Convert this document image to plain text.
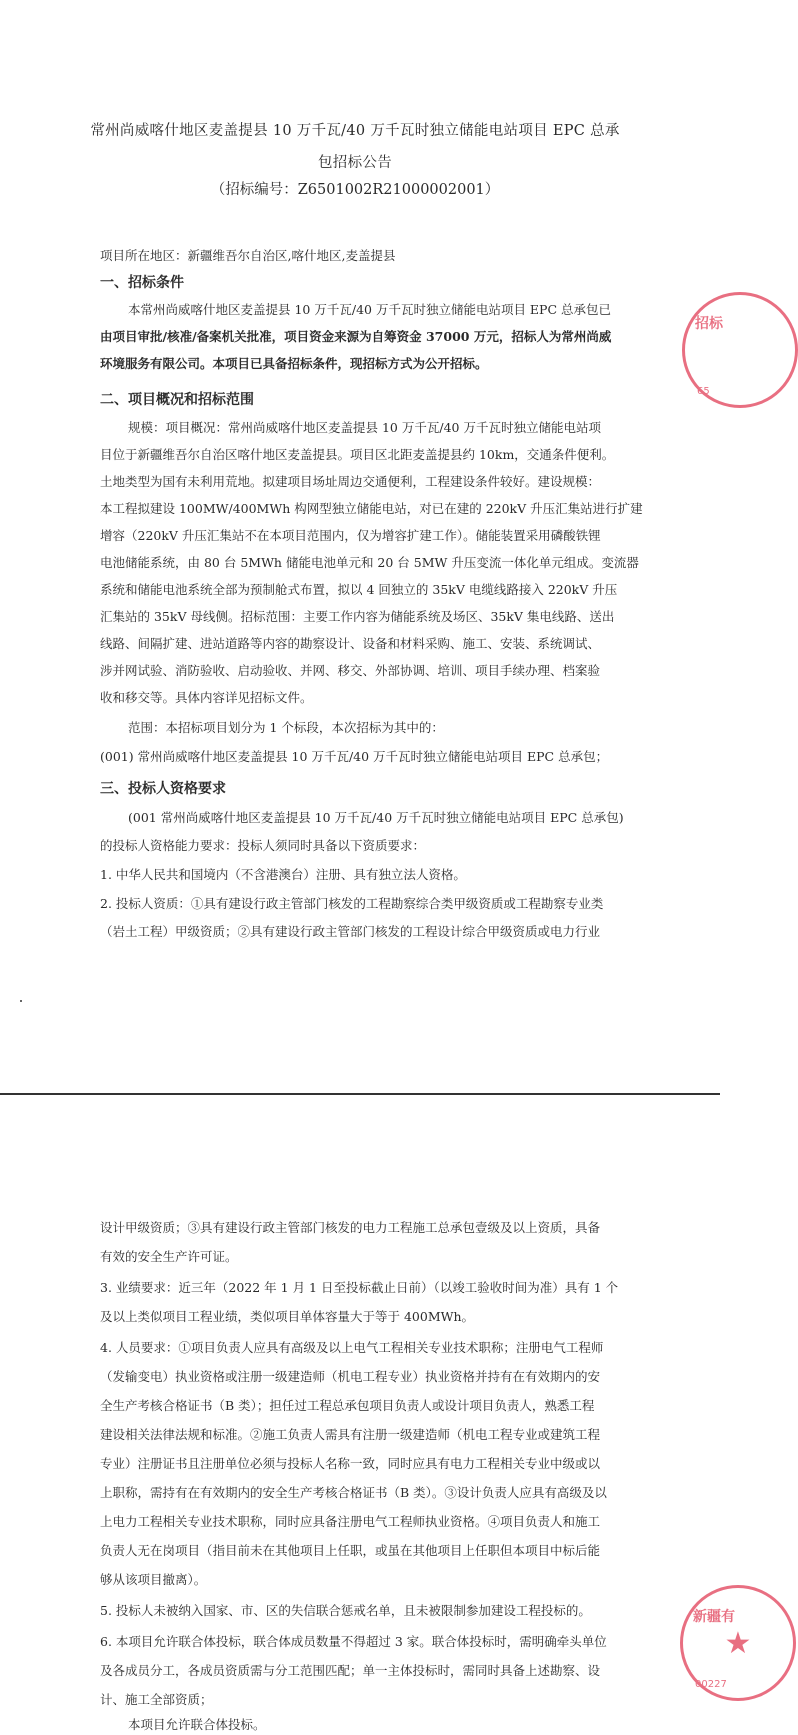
常州尚威喀什地区麦盖提县 10 万千瓦/40 万千瓦时独立储能电站项目 EPC 总承
包招标公告
（招标编号：Z6501002R21000002001）
项目所在地区：新疆维吾尔自治区,喀什地区,麦盖提县
一、招标条件
本常州尚威喀什地区麦盖提县 10 万千瓦/40 万千瓦时独立储能电站项目 EPC 总承包已
由项目审批/核准/备案机关批准，项目资金来源为自筹资金 37000 万元，招标人为常州尚威
环境服务有限公司。本项目已具备招标条件，现招标方式为公开招标。
二、项目概况和招标范围
规模：项目概况：常州尚威喀什地区麦盖提县 10 万千瓦/40 万千瓦时独立储能电站项
目位于新疆维吾尔自治区喀什地区麦盖提县。项目区北距麦盖提县约 10km，交通条件便利。
土地类型为国有未利用荒地。拟建项目场址周边交通便利，工程建设条件较好。建设规模：
本工程拟建设 100MW/400MWh 构网型独立储能电站，对已在建的 220kV 升压汇集站进行扩建
增容（220kV 升压汇集站不在本项目范围内，仅为增容扩建工作）。储能装置采用磷酸铁锂
电池储能系统，由 80 台 5MWh 储能电池单元和 20 台 5MW 升压变流一体化单元组成。变流器
系统和储能电池系统全部为预制舱式布置，拟以 4 回独立的 35kV 电缆线路接入 220kV 升压
汇集站的 35kV 母线侧。招标范围：主要工作内容为储能系统及场区、35kV 集电线路、送出
线路、间隔扩建、进站道路等内容的勘察设计、设备和材料采购、施工、安装、系统调试、
涉并网试验、消防验收、启动验收、并网、移交、外部协调、培训、项目手续办理、档案验
收和移交等。具体内容详见招标文件。
范围：本招标项目划分为 1 个标段，本次招标为其中的：
(001) 常州尚威喀什地区麦盖提县 10 万千瓦/40 万千瓦时独立储能电站项目 EPC 总承包；
三、投标人资格要求
(001 常州尚威喀什地区麦盖提县 10 万千瓦/40 万千瓦时独立储能电站项目 EPC 总承包)
的投标人资格能力要求：投标人须同时具备以下资质要求：
1. 中华人民共和国境内（不含港澳台）注册、具有独立法人资格。
2. 投标人资质：①具有建设行政主管部门核发的工程勘察综合类甲级资质或工程勘察专业类
（岩土工程）甲级资质；②具有建设行政主管部门核发的工程设计综合甲级资质或电力行业
招标
65
设计甲级资质；③具有建设行政主管部门核发的电力工程施工总承包壹级及以上资质，具备
有效的安全生产许可证。
3. 业绩要求：近三年（2022 年 1 月 1 日至投标截止日前）（以竣工验收时间为准）具有 1 个
及以上类似项目工程业绩，类似项目单体容量大于等于 400MWh。
4. 人员要求：①项目负责人应具有高级及以上电气工程相关专业技术职称；注册电气工程师
（发输变电）执业资格或注册一级建造师（机电工程专业）执业资格并持有在有效期内的安
全生产考核合格证书（B 类）；担任过工程总承包项目负责人或设计项目负责人，熟悉工程
建设相关法律法规和标准。②施工负责人需具有注册一级建造师（机电工程专业或建筑工程
专业）注册证书且注册单位必须与投标人名称一致，同时应具有电力工程相关专业中级或以
上职称，需持有在有效期内的安全生产考核合格证书（B 类）。③设计负责人应具有高级及以
上电力工程相关专业技术职称，同时应具备注册电气工程师执业资格。④项目负责人和施工
负责人无在岗项目（指目前未在其他项目上任职，或虽在其他项目上任职但本项目中标后能
够从该项目撤离）。
5. 投标人未被纳入国家、市、区的失信联合惩戒名单，且未被限制参加建设工程投标的。
6. 本项目允许联合体投标，联合体成员数量不得超过 3 家。联合体投标时，需明确牵头单位
及各成员分工，各成员资质需与分工范围匹配；单一主体投标时，需同时具备上述勘察、设
计、施工全部资质；
本项目允许联合体投标。
新疆有
★
00227
